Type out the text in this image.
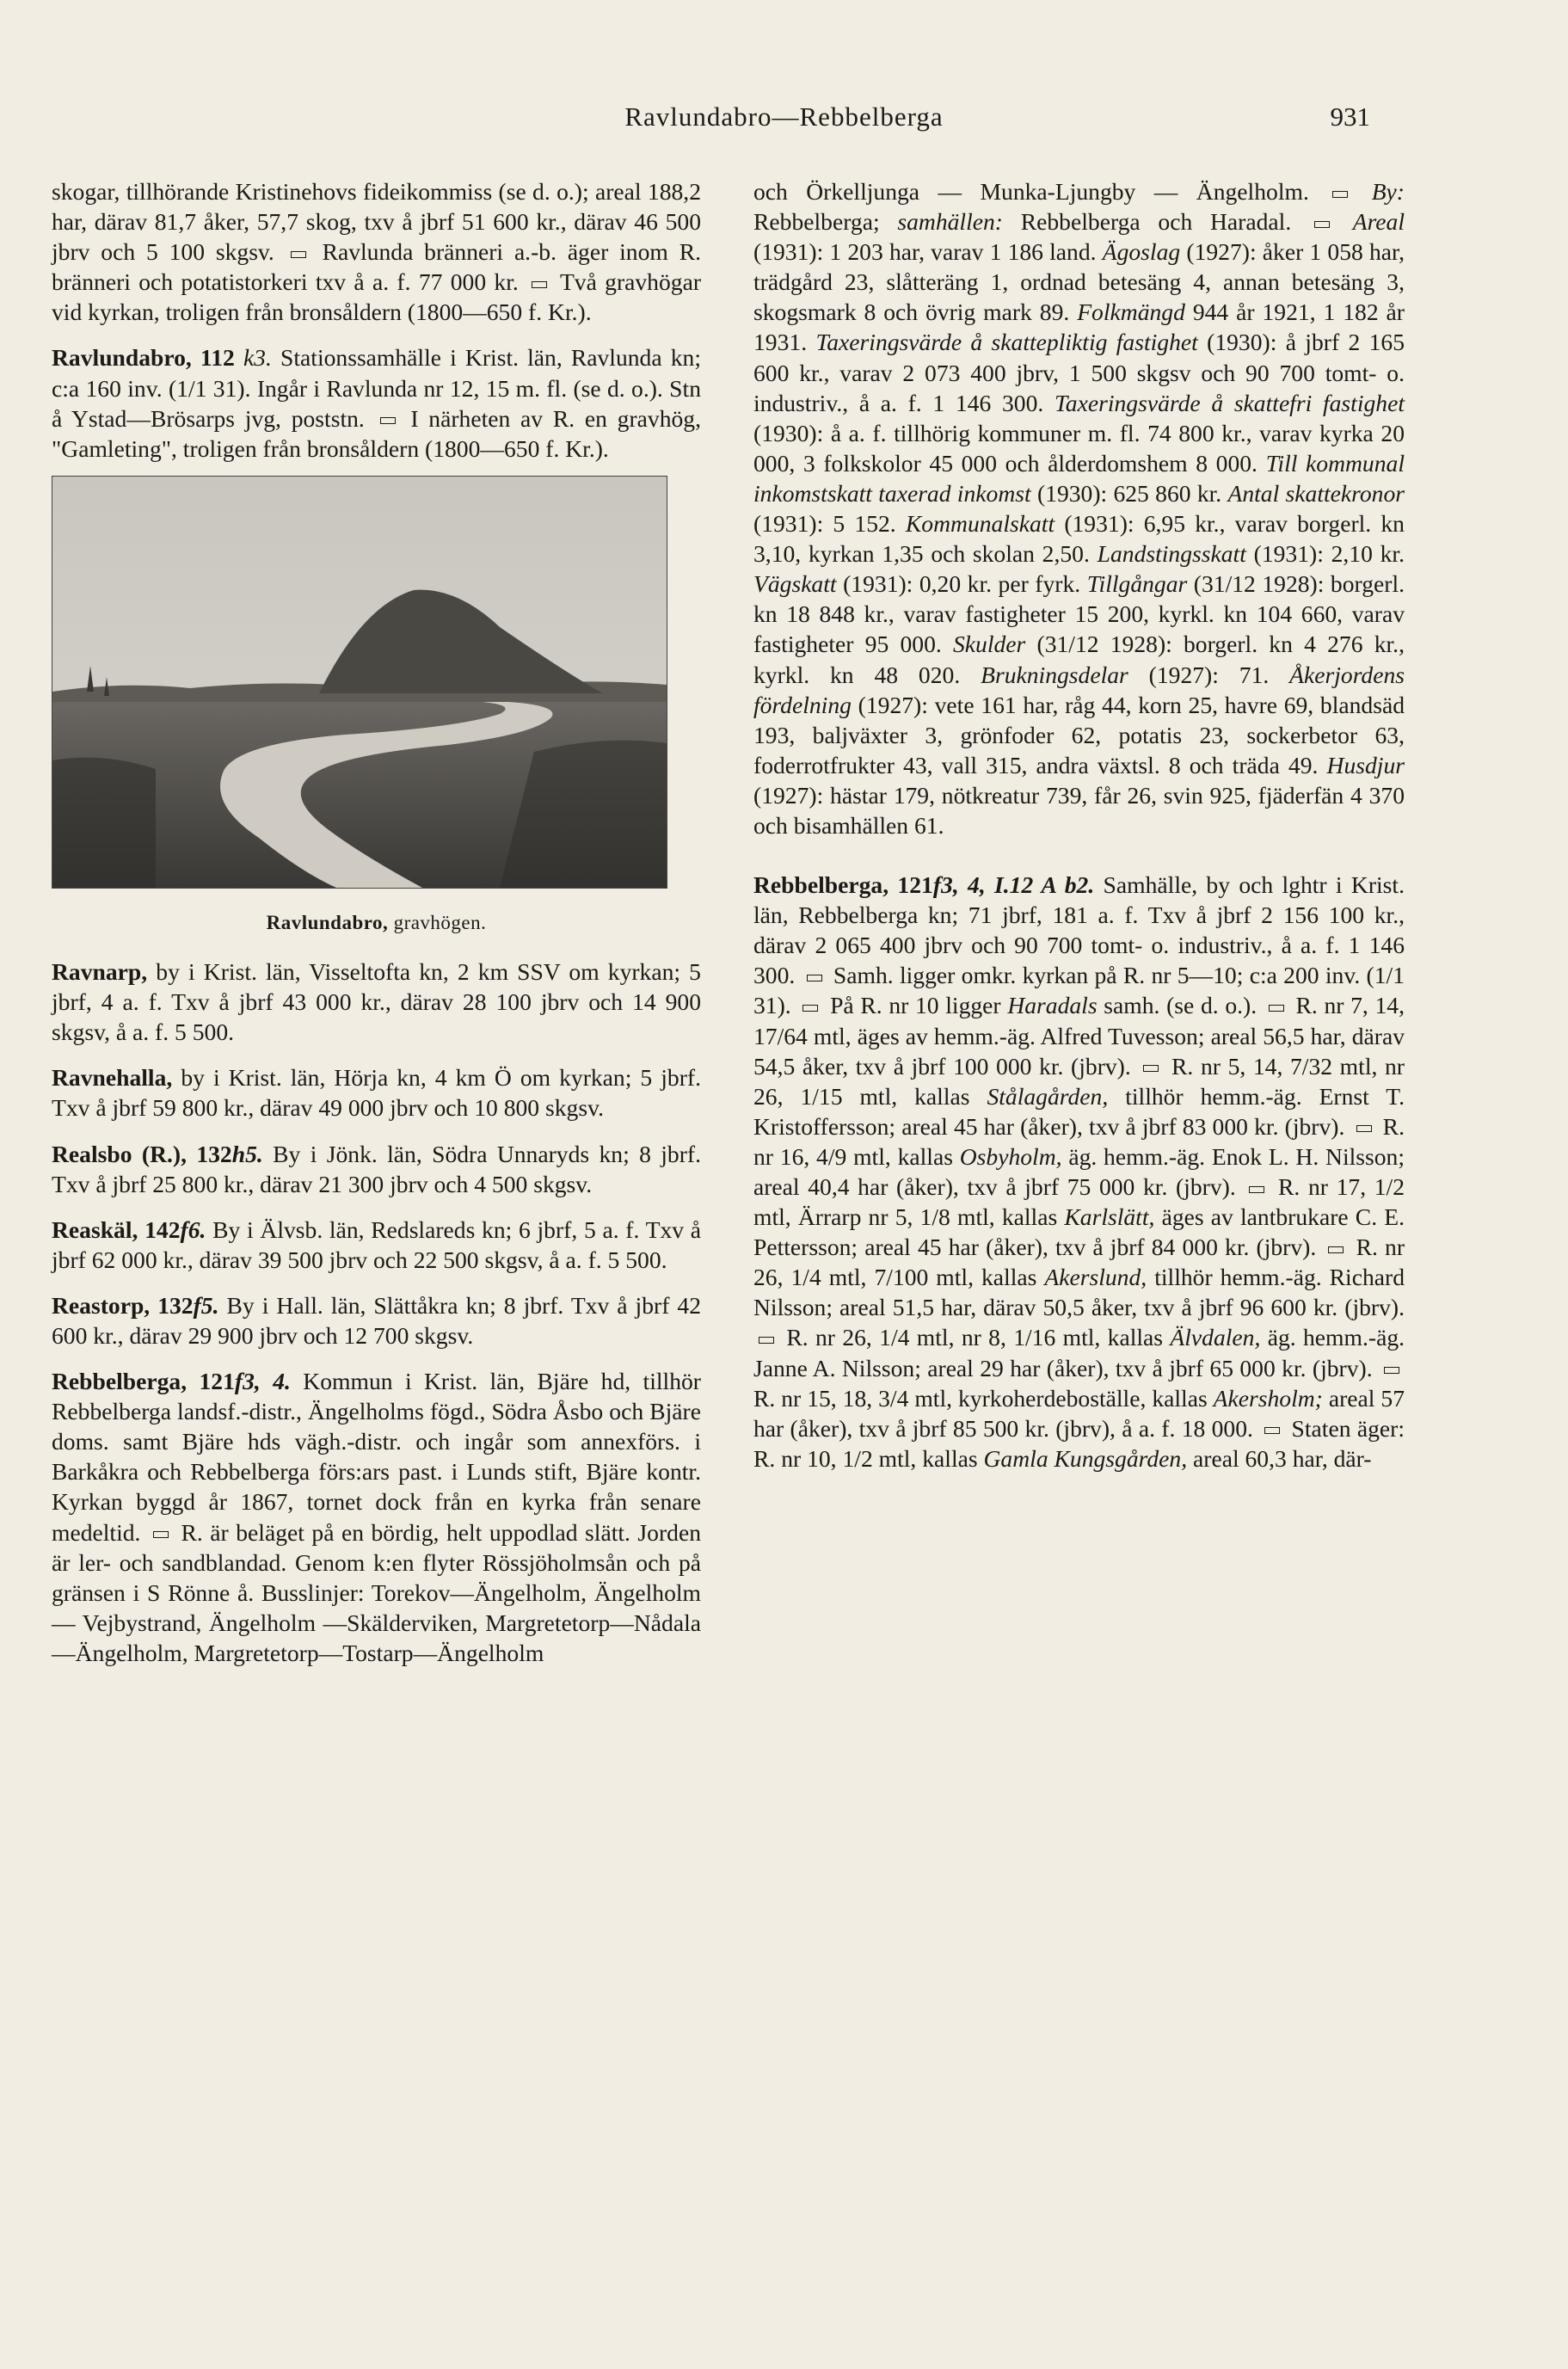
Ravlundabro—Rebbelberga	931

skogar, tillhörande Kristinehovs fideikommiss (se d. o.); areal 188,2 har, därav 81,7 åker, 57,7 skog, txv å jbrf 51 600 kr., därav 46 500 jbrv och 5 100 skgsv. Ravlunda bränneri a.-b. äger inom R. bränneri och potatistorkeri txv å a. f. 77 000 kr. Två gravhögar vid kyrkan, troligen från bronsåldern (1800—650 f. Kr.).

Ravlundabro, 112 k3. Stationssamhälle i Krist. län, Ravlunda kn; c:a 160 inv. (1/1 31). Ingår i Ravlunda nr 12, 15 m. fl. (se d. o.). Stn å Ystad—Brösarps jvg, poststn. I närheten av R. en gravhög, "Gamleting", troligen från bronsåldern (1800—650 f. Kr.).

Ravlundabro, gravhögen.

Ravnarp, by i Krist. län, Visseltofta kn, 2 km SSV om kyrkan; 5 jbrf, 4 a. f. Txv å jbrf 43 000 kr., därav 28 100 jbrv och 14 900 skgsv, å a. f. 5 500.

Ravnehalla, by i Krist. län, Hörja kn, 4 km Ö om kyrkan; 5 jbrf. Txv å jbrf 59 800 kr., därav 49 000 jbrv och 10 800 skgsv.

Realsbo (R.), 132h5. By i Jönk. län, Södra Unnaryds kn; 8 jbrf. Txv å jbrf 25 800 kr., därav 21 300 jbrv och 4 500 skgsv.

Reaskäl, 142f6. By i Älvsb. län, Redslareds kn; 6 jbrf, 5 a. f. Txv å jbrf 62 000 kr., därav 39 500 jbrv och 22 500 skgsv, å a. f. 5 500.

Reastorp, 132f5. By i Hall. län, Slättåkra kn; 8 jbrf. Txv å jbrf 42 600 kr., därav 29 900 jbrv och 12 700 skgsv.

Rebbelberga, 121f3, 4. Kommun i Krist. län, Bjäre hd, tillhör Rebbelberga landsf.-distr., Ängelholms fögd., Södra Åsbo och Bjäre doms. samt Bjäre hds vägh.-distr. och ingår som annexförs. i Barkåkra och Rebbelberga förs:ars past. i Lunds stift, Bjäre kontr. Kyrkan byggd år 1867, tornet dock från en kyrka från senare medeltid. R. är beläget på en bördig, helt uppodlad slätt. Jorden är ler- och sandblandad. Genom k:en flyter Rössjöholmsån och på gränsen i S Rönne å. Busslinjer: Torekov—Ängelholm, Ängelholm — Vejbystrand, Ängelholm —Skälderviken, Margretetorp—Nådala—Ängelholm, Margretetorp—Tostarp—Ängelholm

och Örkelljunga — Munka-Ljungby — Ängelholm.	By: Rebbelberga; samhällen: Rebbelberga och Haradal.	Areal (1931): 1 203 har, varav 1 186 land. Ägoslag (1927): åker 1 058 har, trädgård 23, slåtteräng 1, ordnad betesäng 4, annan betesäng 3, skogsmark 8 och övrig mark 89. Folkmängd 944 år 1921, 1 182 år 1931. Taxeringsvärde å skattepliktig fastighet (1930): å jbrf 2 165 600 kr., varav 2 073 400 jbrv, 1 500 skgsv och 90 700 tomt- o. industriv., å a. f. 1 146 300. Taxeringsvärde å skattefri fastighet (1930): å a. f. tillhörig kommuner m. fl. 74 800 kr., varav kyrka 20 000, 3 folkskolor 45 000 och ålderdomshem 8 000. Till kommunal inkomstskatt taxerad inkomst (1930): 625 860 kr. Antal skattekronor (1931): 5 152. Kommunalskatt (1931): 6,95 kr., varav borgerl. kn 3,10, kyrkan 1,35 och skolan 2,50. Landstingsskatt (1931): 2,10 kr. Vägskatt (1931): 0,20 kr. per fyrk. Tillgångar (31/12 1928): borgerl. kn 18 848 kr., varav fastigheter 15 200, kyrkl. kn 104 660, varav fastigheter 95 000. Skulder (31/12 1928): borgerl. kn 4 276 kr., kyrkl. kn 48 020. Brukningsdelar (1927): 71. Åkerjordens fördelning (1927): vete 161 har, råg 44, korn 25, havre 69, blandsäd 193, baljväxter 3, grönfoder 62, potatis 23, sockerbetor 63, foderrotfrukter 43, vall 315, andra växtsl. 8 och träda 49. Husdjur (1927): hästar 179, nötkreatur 739, får 26, svin 925, fjäderfän 4 370 och bisamhällen 61.

Rebbelberga, 121f3, 4, I.12 A b2. Samhälle, by och lghtr i Krist. län, Rebbelberga kn; 71 jbrf, 181 a. f. Txv å jbrf 2 156 100 kr., därav 2 065 400 jbrv och 90 700 tomt- o. industriv., å a. f. 1 146 300. Samh. ligger omkr. kyrkan på R. nr 5—10; c:a 200 inv. (1/1 31). På R. nr 10 ligger Haradals samh. (se d. o.). R. nr 7, 14, 17/64 mtl, äges av hemm.-äg. Alfred Tuvesson; areal 56,5 har, därav 54,5 åker, txv å jbrf 100 000 kr. (jbrv). R. nr 5, 14, 7/32 mtl, nr 26, 1/15 mtl, kallas Stålagården, tillhör hemm.-äg. Ernst T. Kristoffersson; areal 45 har (åker), txv å jbrf 83 000 kr. (jbrv). R. nr 16, 4/9 mtl, kallas Osbyholm, äg. hemm.-äg. Enok L. H. Nilsson; areal 40,4 har (åker), txv å jbrf 75 000 kr. (jbrv). R. nr 17, 1/2 mtl, Ärrarp nr 5, 1/8 mtl, kallas Karlslätt, äges av lantbrukare C. E. Pettersson; areal 45 har (åker), txv å jbrf 84 000 kr. (jbrv). R. nr 26, 1/4 mtl, 7/100 mtl, kallas Akerslund, tillhör hemm.-äg. Richard Nilsson; areal 51,5 har, därav 50,5 åker, txv å jbrf 96 600 kr. (jbrv).  R. nr 26, 1/4 mtl, nr 8, 1/16 mtl, kallas Älvdalen, äg. hemm.-äg. Janne A. Nilsson; areal 29 har (åker), txv å jbrf 65 000 kr. (jbrv).  R. nr 15, 18, 3/4 mtl, kyrkoherdeboställe, kallas Akersholm; areal 57 har (åker), txv å jbrf 85 500 kr. (jbrv), å a. f. 18 000. Staten äger: R. nr 10, 1/2 mtl, kallas Gamla Kungsgården, areal 60,3 har, där-
